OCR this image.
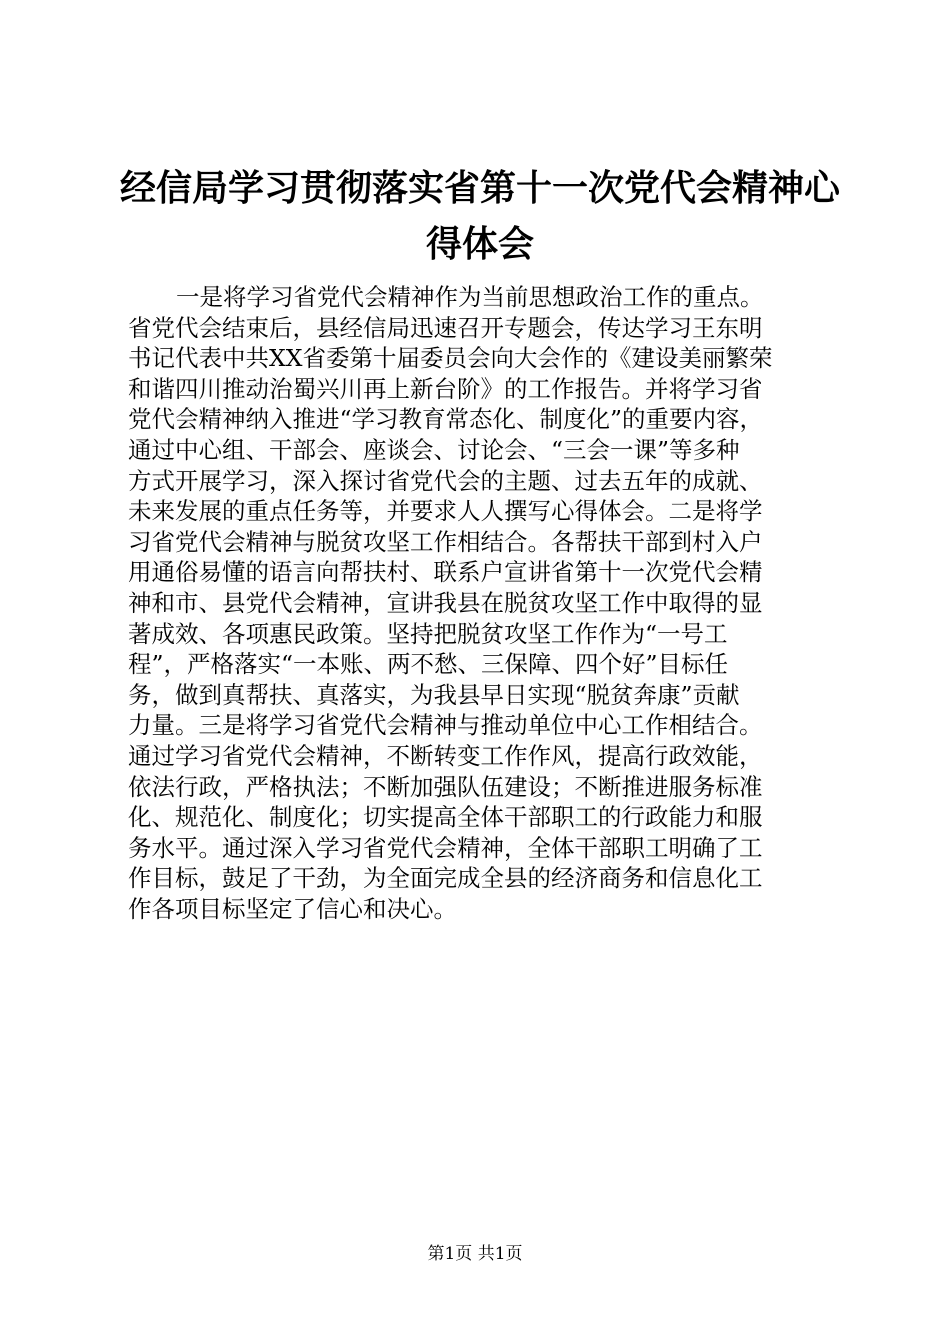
经信局学习贯彻落实省第十一次党代会精神心
得体会
一是将学习省党代会精神作为当前思想政治工作的重点。
省党代会结束后，县经信局迅速召开专题会，传达学习王东明
书记代表中共XX省委第十届委员会向大会作的《建设美丽繁荣
和谐四川推动治蜀兴川再上新台阶》的工作报告。并将学习省
党代会精神纳入推进“学习教育常态化、制度化”的重要内容，
通过中心组、干部会、座谈会、讨论会、“三会一课”等多种
方式开展学习，深入探讨省党代会的主题、过去五年的成就、
未来发展的重点任务等，并要求人人撰写心得体会。二是将学
习省党代会精神与脱贫攻坚工作相结合。各帮扶干部到村入户
用通俗易懂的语言向帮扶村、联系户宣讲省第十一次党代会精
神和市、县党代会精神，宣讲我县在脱贫攻坚工作中取得的显
著成效、各项惠民政策。坚持把脱贫攻坚工作作为“一号工
程”，严格落实“一本账、两不愁、三保障、四个好”目标任
务，做到真帮扶、真落实，为我县早日实现“脱贫奔康”贡献
力量。三是将学习省党代会精神与推动单位中心工作相结合。
通过学习省党代会精神，不断转变工作作风，提高行政效能，
依法行政，严格执法；不断加强队伍建设；不断推进服务标准
化、规范化、制度化；切实提高全体干部职工的行政能力和服
务水平。通过深入学习省党代会精神，全体干部职工明确了工
作目标，鼓足了干劲，为全面完成全县的经济商务和信息化工
作各项目标坚定了信心和决心。
第1页 共1页
